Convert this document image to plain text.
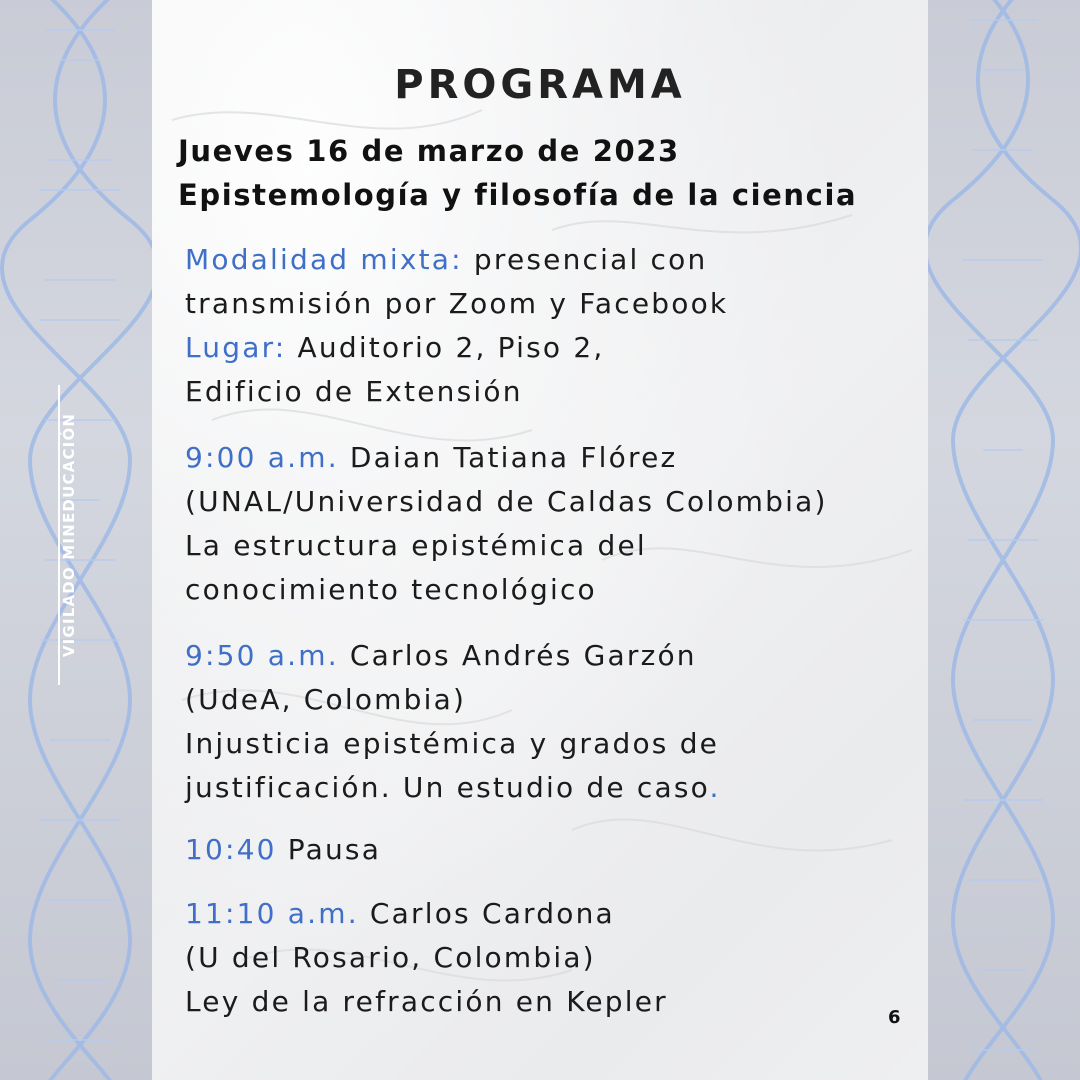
VIGILADO MINEDUCACIÓN
PROGRAMA
Jueves 16 de marzo de 2023
Epistemología y filosofía de la ciencia
Modalidad mixta: presencial con
transmisión por Zoom y Facebook
Lugar: Auditorio 2, Piso 2,
Edificio de Extensión
9:00 a.m. Daian Tatiana Flórez
(UNAL/Universidad de Caldas Colombia)
La estructura epistémica del
conocimiento tecnológico
9:50 a.m. Carlos Andrés Garzón
(UdeA, Colombia)
Injusticia epistémica y grados de
justificación. Un estudio de caso.
10:40 Pausa
11:10 a.m. Carlos Cardona
(U del Rosario, Colombia)
Ley de la refracción en Kepler	6
